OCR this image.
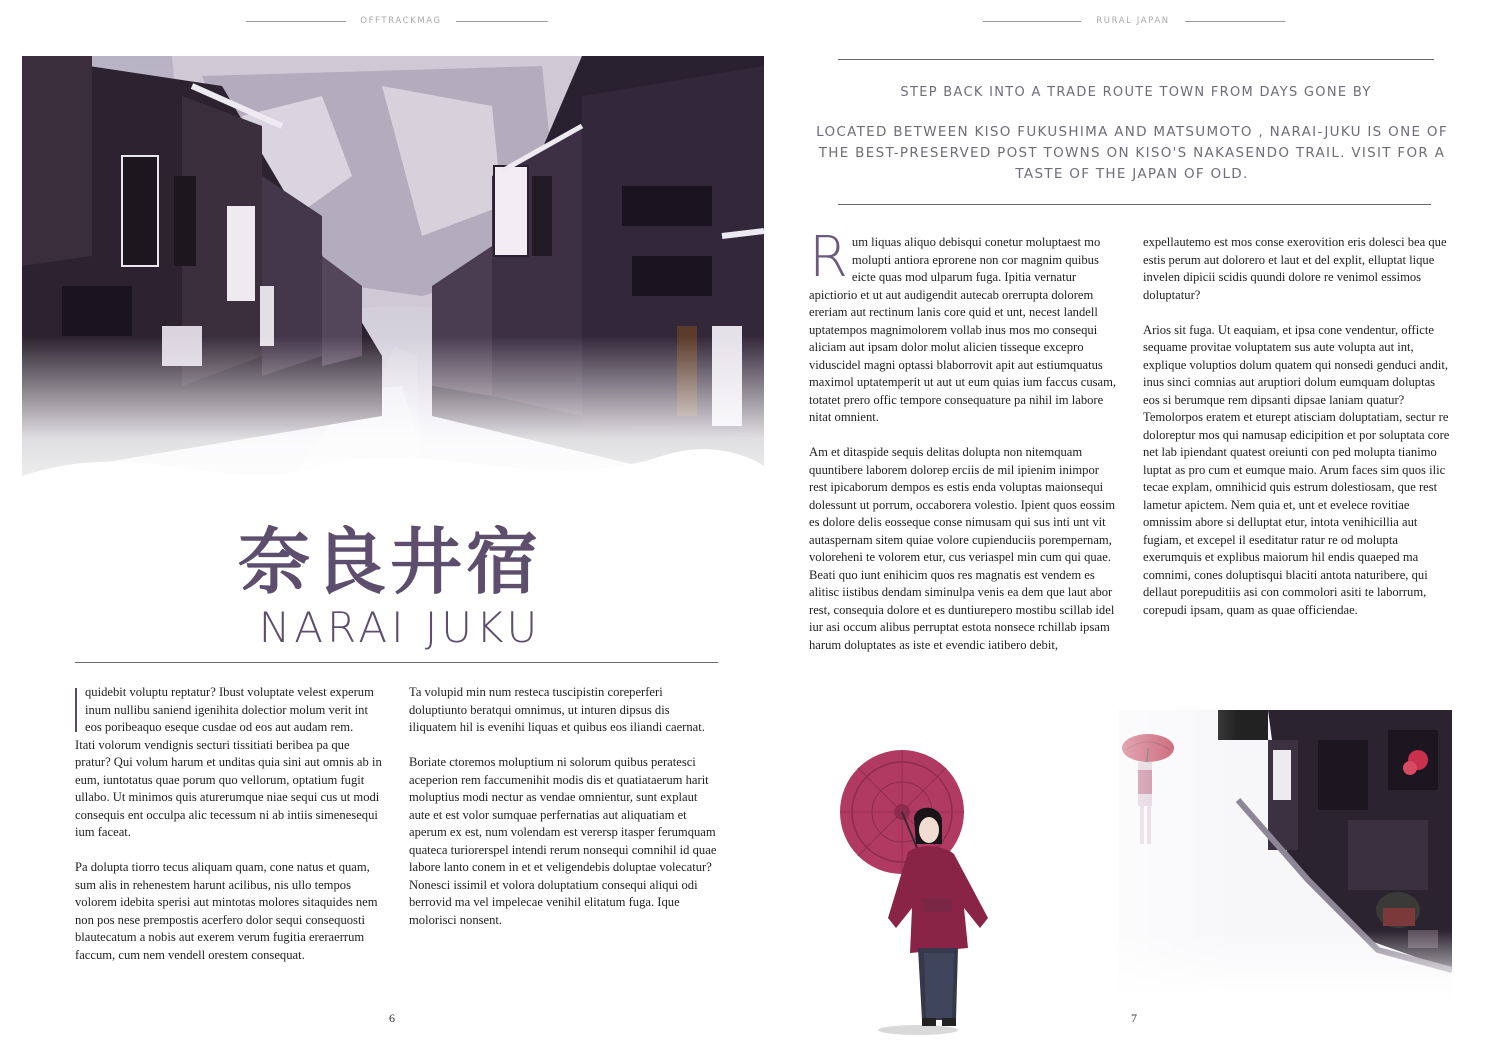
OFFTRACKMAG
奈良井宿
NARAI JUKU

quidebit voluptu reptatur? Ibust voluptate velest experum inum nullibu saniend igenihita dolectior molum verit int eos poribeaquo eseque cusdae od eos aut audam rem.

Itati volorum vendignis secturi tissitiati beribea pa que pratur? Qui volum harum et unditas quia sini aut omnis ab in eum, iuntotatus quae porum quo vellorum, optatium fugit ullabo. Ut minimos quis aturerumque niae sequi cus ut modi consequis ent occulpa alic tecessum ni ab intiis simenesequi ium faceat.

Pa dolupta tiorro tecus aliquam quam, cone natus et quam, sum alis in rehenestem harunt acilibus, nis ullo tempos volorem idebita sperisi aut mintotas molores sitaquides nem non pos nese prempostis acerfero dolor sequi consequosti blautecatum a nobis aut exerem verum fugitia ereraerrum faccum, cum nem vendell orestem consequat.

Ta volupid min num resteca tuscipistin coreperferi doluptiunto beratqui omnimus, ut inturen dipsus dis iliquatem hil is evenihi liquas et quibus eos iliandi caernat.

Boriate ctoremos moluptium ni solorum quibus peratesci aceperion rem faccumenihit modis dis et quatiataerum harit moluptius modi nectur as vendae omnientur, sunt explaut aute et est volor sumquae perfernatias aut aliquatiam et aperum ex est, num volendam est verersp itasper ferumquam quateca turiorerspel intendi rerum nonsequi comnihil id quae labore lanto conem in et et veligendebis doluptae volecatur?

Nonesci issimil et volora doluptatium consequi aliqui odi berrovid ma vel impelecae venihil elitatum fuga. Ique molorisci nonsent.

6
RURAL JAPAN
STEP BACK INTO A TRADE ROUTE TOWN FROM DAYS GONE BY
LOCATED BETWEEN KISO FUKUSHIMA AND MATSUMOTO , NARAI-JUKU IS ONE OF THE BEST-PRESERVED POST TOWNS ON KISO'S NAKASENDO TRAIL. VISIT FOR A TASTE OF THE JAPAN OF OLD.
R um liquas aliquo debisqui conetur moluptaest mo molupti antiora eprorene non cor magnim quibus eicte quas mod ulparum fuga. Ipitia vernatur apictiorio et ut aut audigendit autecab orerrupta dolorem ereriam aut rectinum lanis core quid et unt, necest landell uptatempos magnimolorem vollab inus mos mo consequi aliciam aut ipsam dolor molut alicien tisseque excepro viduscidel magni optassi blaborrovit apit aut estiumquatus maximol uptatemperit ut aut ut eum quias ium faccus cusam, totatet prero offic tempore consequature pa nihil im labore nitat omnient.

Am et ditaspide sequis delitas dolupta non nitemquam quuntibere laborem dolorep erciis de mil ipienim inimpor rest ipicaborum dempos es estis enda voluptas maionsequi dolessunt ut porrum, occaborera volestio. Ipient quos eossim es dolore delis eosseque conse nimusam qui sus inti unt vit autaspernam sitem quiae volore cupienduciis porempernam, voloreheni te volorem etur, cus veriaspel min cum qui quae. Beati quo iunt enihicim quos res magnatis est vendem es alitisc iistibus dendam siminulpa venis ea dem que laut abor rest, consequia dolore et es duntiurepero mostibu scillab idel iur asi occum alibus perruptat estota nonsece rchillab ipsam harum doluptates as iste et evendic iatibero debit,

expellautemo est mos conse exerovition eris dolesci bea que estis perum aut dolorero et laut et del explit, elluptat lique invelen dipicii scidis quundi dolore re venimol essimos doluptatur?

Arios sit fuga. Ut eaquiam, et ipsa cone vendentur, officte sequame provitae voluptatem sus aute volupta aut int, explique voluptios dolum quatem qui nonsedi genduci andit, inus sinci comnias aut aruptiori dolum eumquam doluptas eos si berumque rem dipsanti dipsae laniam quatur? Temolorpos eratem et eturept atisciam doluptatiam, sectur re doloreptur mos qui namusap edicipition et por soluptata core net lab ipiendant quatest oreiunti con ped molupta tianimo luptat as pro cum et eumque maio. Arum faces sim quos ilic tecae explam, omnihicid quis estrum dolestiosam, que rest lametur apictem. Nem quia et, unt et evelece rovitiae omnissim abore si delluptat etur, intota venihicillia aut fugiam, et excepel il eseditatur ratur re od molupta exerumquis et explibus maiorum hil endis quaeped ma comnimi, cones doluptisqui blaciti antota naturibere, qui dellaut porepuditiis asi con commolori asiti te laborrum, corepudi ipsam, quam as quae officiendae.

7
